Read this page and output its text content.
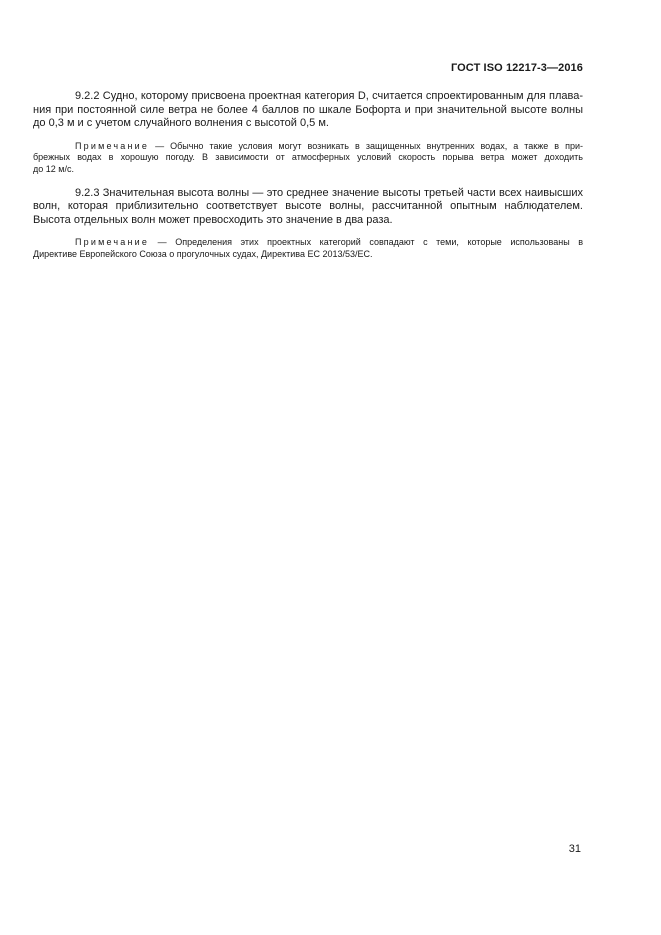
ГОСТ ISO 12217-3—2016
9.2.2 Судно, которому присвоена проектная категория D, считается спроектированным для плава-
ния при постоянной силе ветра не более 4 баллов по шкале Бофорта и при значительной высоте волны
до 0,3 м и с учетом случайного волнения с высотой 0,5 м.
Примечание — Обычно такие условия могут возникать в защищенных внутренних водах, а также в при-
брежных водах в хорошую погоду. В зависимости от атмосферных условий скорость порыва ветра может доходить
до 12 м/с.
9.2.3 Значительная высота волны — это среднее значение высоты третьей части всех наивысших
волн, которая приблизительно соответствует высоте волны, рассчитанной опытным наблюдателем.
Высота отдельных волн может превосходить это значение в два раза.
Примечание — Определения этих проектных категорий совпадают с теми, которые использованы в
Директиве Европейского Союза о прогулочных судах, Директива ЕС 2013/53/ЕС.
31
